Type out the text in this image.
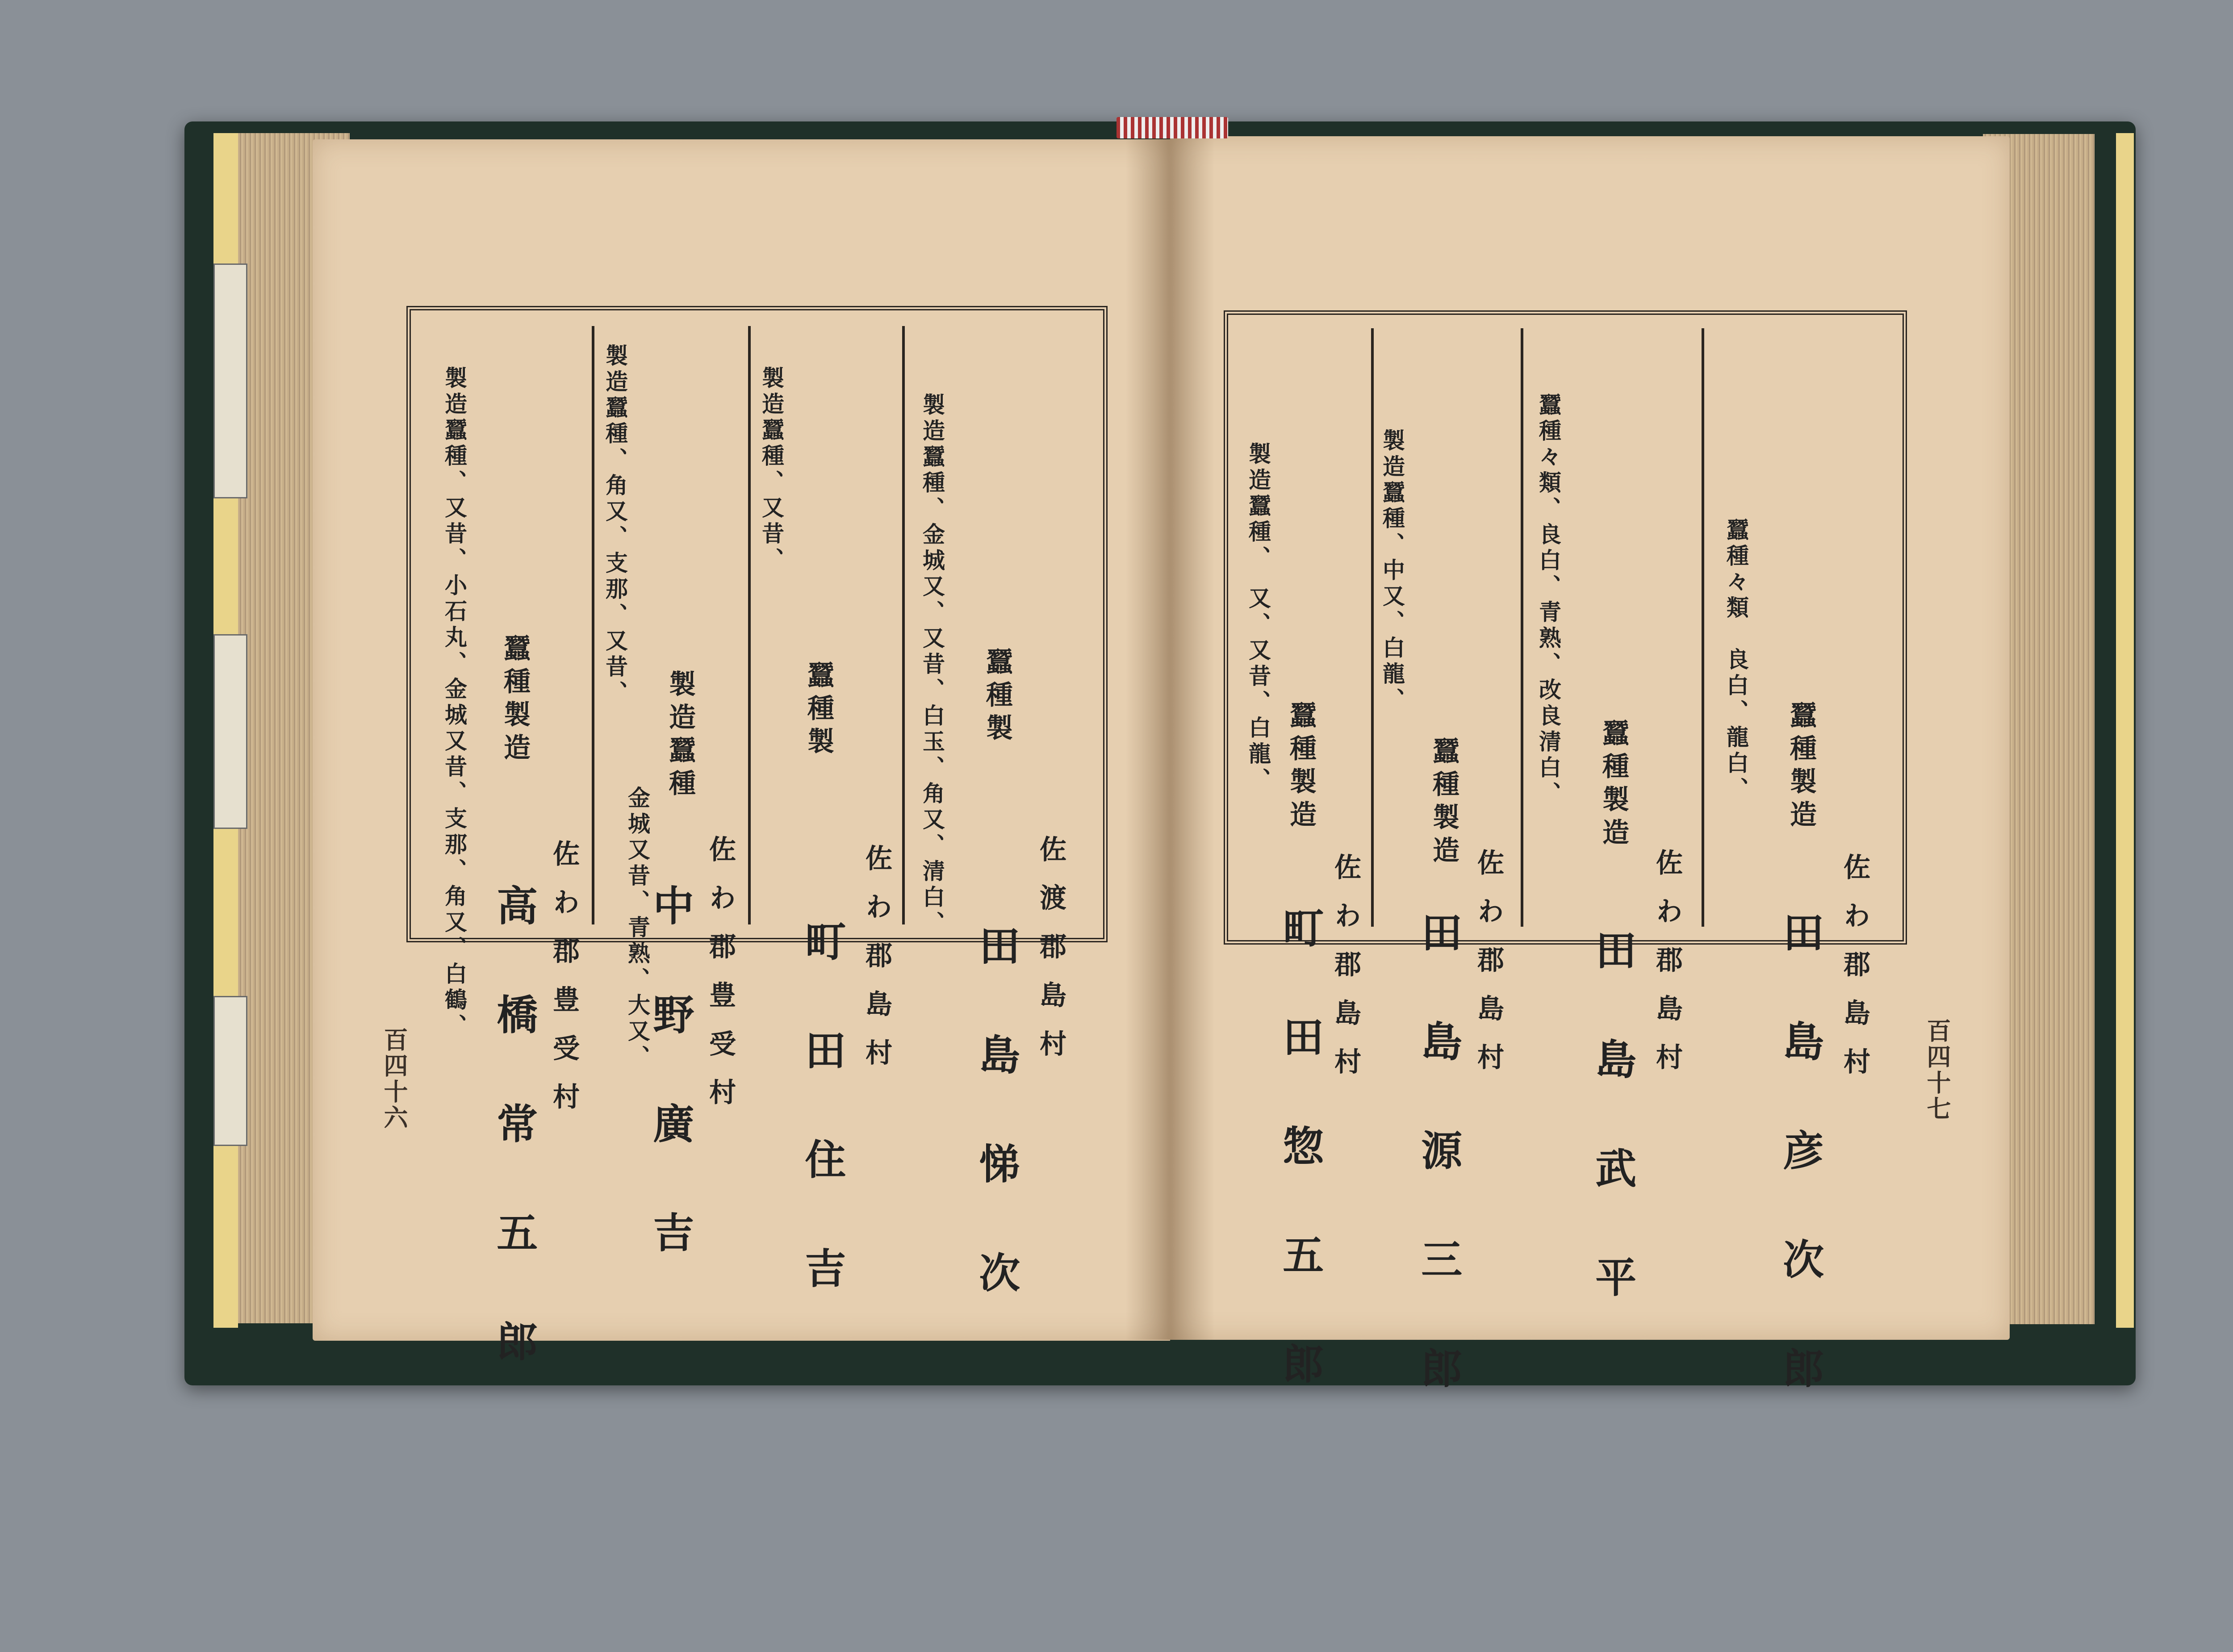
佐 渡 郡 島 村
田 島 悌 次
蠶種製
製造蠶種、金城又、又昔、白玉、角又、清白、
佐 わ 郡 島 村
町 田 住 吉
蠶種製
製造蠶種、又昔、
佐 わ 郡 豊 受 村
中 野 廣 吉
製造蠶種
製造蠶種、角又、支那、又昔、
金城又昔、青熟、大又、
佐 わ 郡 豊 受 村
高 橋 常 五 郎
蠶種製造
製造蠶種、又昔、小石丸、金城又昔、支那、角又、白鶴、
百四十六	佐 わ 郡 島 村
田 島 彦 次 郎
蠶種製造
蠶種々類　良白、龍白、
佐 わ 郡 島 村
田 島 武 平
蠶種製造
蠶種々類、良白、青熟、改良清白、
佐 わ 郡 島 村
田 島 源 三 郎
蠶種製造
製造蠶種、中又、白龍、
佐 わ 郡 島 村
町 田 惣 五 郎
蠶種製造
製造蠶種、　又、又昔、白龍、
百四十七
